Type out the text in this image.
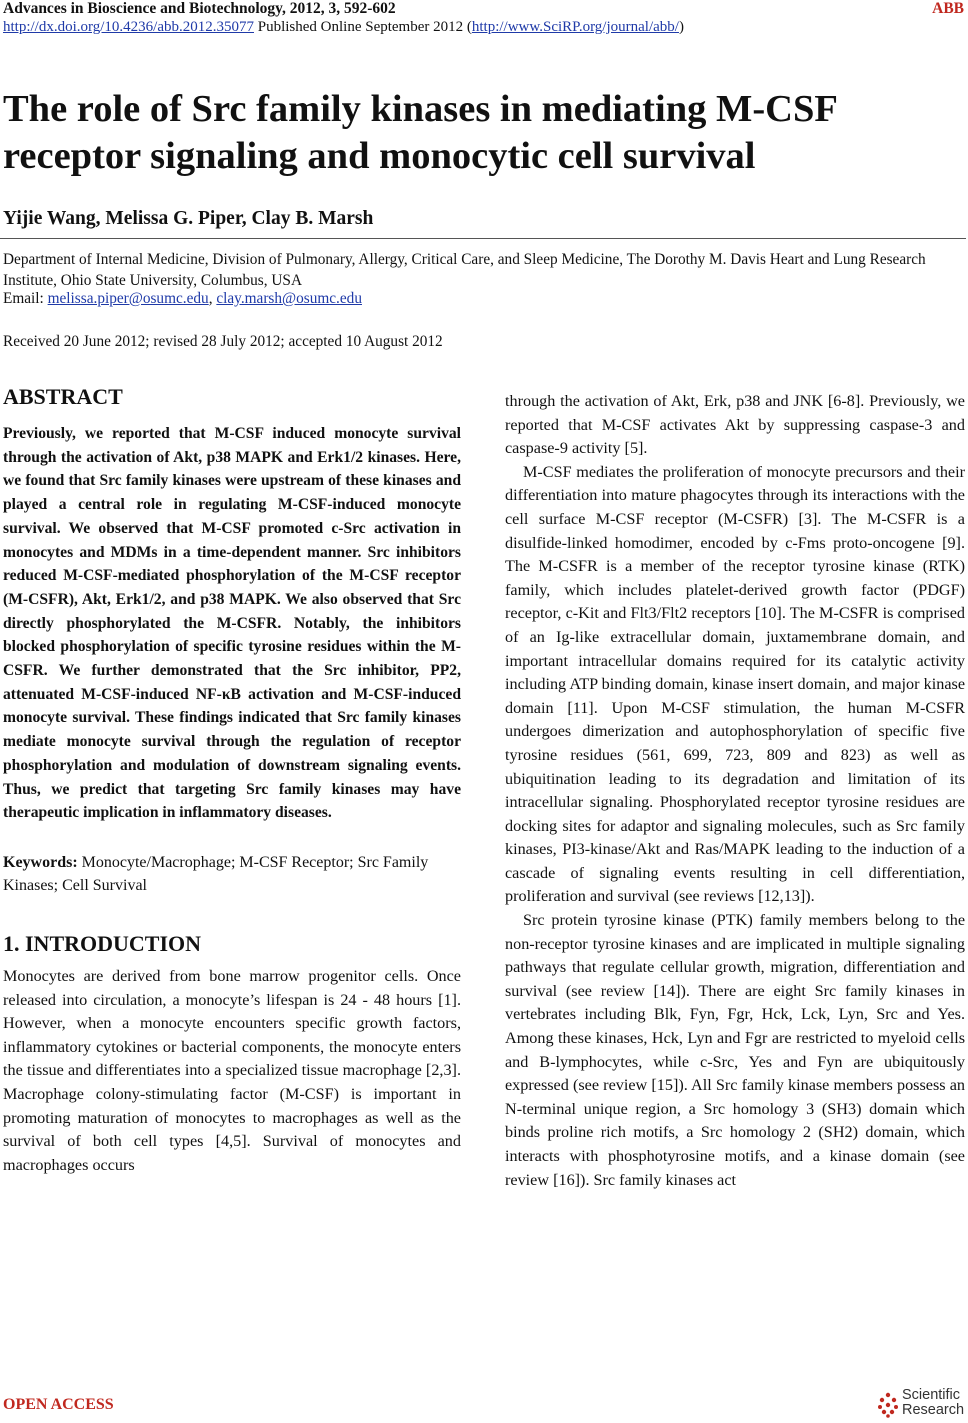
Advances in Bioscience and Biotechnology, 2012, 3, 592-602	ABB
http://dx.doi.org/10.4236/abb.2012.35077 Published Online September 2012 (http://www.SciRP.org/journal/abb/)
The role of Src family kinases in mediating M-CSF receptor signaling and monocytic cell survival
Yijie Wang, Melissa G. Piper, Clay B. Marsh
Department of Internal Medicine, Division of Pulmonary, Allergy, Critical Care, and Sleep Medicine, The Dorothy M. Davis Heart and Lung Research Institute, Ohio State University, Columbus, USA
Email: melissa.piper@osumc.edu, clay.marsh@osumc.edu
Received 20 June 2012; revised 28 July 2012; accepted 10 August 2012
ABSTRACT

Previously, we reported that M-CSF induced monocyte survival through the activation of Akt, p38 MAPK and Erk1/2 kinases. Here, we found that Src family kinases were upstream of these kinases and played a central role in regulating M-CSF-induced monocyte survival. We observed that M-CSF promoted c-Src activation in monocytes and MDMs in a time-dependent manner. Src inhibitors reduced M-CSF-mediated phosphorylation of the M-CSF receptor (M-CSFR), Akt, Erk1/2, and p38 MAPK. We also observed that Src directly phosphorylated the M-CSFR. Notably, the inhibitors blocked phosphorylation of specific tyrosine residues within the M-CSFR. We further demonstrated that the Src inhibitor, PP2, attenuated M-CSF-induced NF-κB activation and M-CSF-induced monocyte survival. These findings indicated that Src family kinases mediate monocyte survival through the regulation of receptor phosphorylation and modulation of downstream signaling events. Thus, we predict that targeting Src family kinases may have therapeutic implication in inflammatory diseases.

Keywords: Monocyte/Macrophage; M-CSF Receptor; Src Family Kinases; Cell Survival

1. INTRODUCTION

Monocytes are derived from bone marrow progenitor cells. Once released into circulation, a monocyte’s lifespan is 24 - 48 hours [1]. However, when a monocyte encounters specific growth factors, inflammatory cytokines or bacterial components, the monocyte enters the tissue and differentiates into a specialized tissue macrophage [2,3]. Macrophage colony-stimulating factor (M-CSF) is important in promoting maturation of monocytes to macrophages as well as the survival of both cell types [4,5]. Survival of monocytes and macrophages occurs

through the activation of Akt, Erk, p38 and JNK [6-8]. Previously, we reported that M-CSF activates Akt by suppressing caspase-3 and caspase-9 activity [5].

M-CSF mediates the proliferation of monocyte precursors and their differentiation into mature phagocytes through its interactions with the cell surface M-CSF receptor (M-CSFR) [3]. The M-CSFR is a disulfide-linked homodimer, encoded by c-Fms proto-oncogene [9]. The M-CSFR is a member of the receptor tyrosine kinase (RTK) family, which includes platelet-derived growth factor (PDGF) receptor, c-Kit and Flt3/Flt2 receptors [10]. The M-CSFR is comprised of an Ig-like extracellular domain, juxtamembrane domain, and important intracellular domains required for its catalytic activity including ATP binding domain, kinase insert domain, and major kinase domain [11]. Upon M-CSF stimulation, the human M-CSFR undergoes dimerization and autophosphorylation of specific five tyrosine residues (561, 699, 723, 809 and 823) as well as ubiquitination leading to its degradation and limitation of its intracellular signaling. Phosphorylated receptor tyrosine residues are docking sites for adaptor and signaling molecules, such as Src family kinases, PI3-kinase/Akt and Ras/MAPK leading to the induction of a cascade of signaling events resulting in cell differentiation, proliferation and survival (see reviews [12,13]).

Src protein tyrosine kinase (PTK) family members belong to the non-receptor tyrosine kinases and are implicated in multiple signaling pathways that regulate cellular growth, migration, differentiation and survival (see review [14]). There are eight Src family kinases in vertebrates including Blk, Fyn, Fgr, Hck, Lck, Lyn, Src and Yes. Among these kinases, Hck, Lyn and Fgr are restricted to myeloid cells and B-lymphocytes, while c-Src, Yes and Fyn are ubiquitously expressed (see review [15]). All Src family kinase members possess an N-terminal unique region, a Src homology 3 (SH3) domain which binds proline rich motifs, a Src homology 2 (SH2) domain, which interacts with phosphotyrosine motifs, and a kinase domain (see review [16]). Src family kinases act

OPEN ACCESS
Scientific
Research
